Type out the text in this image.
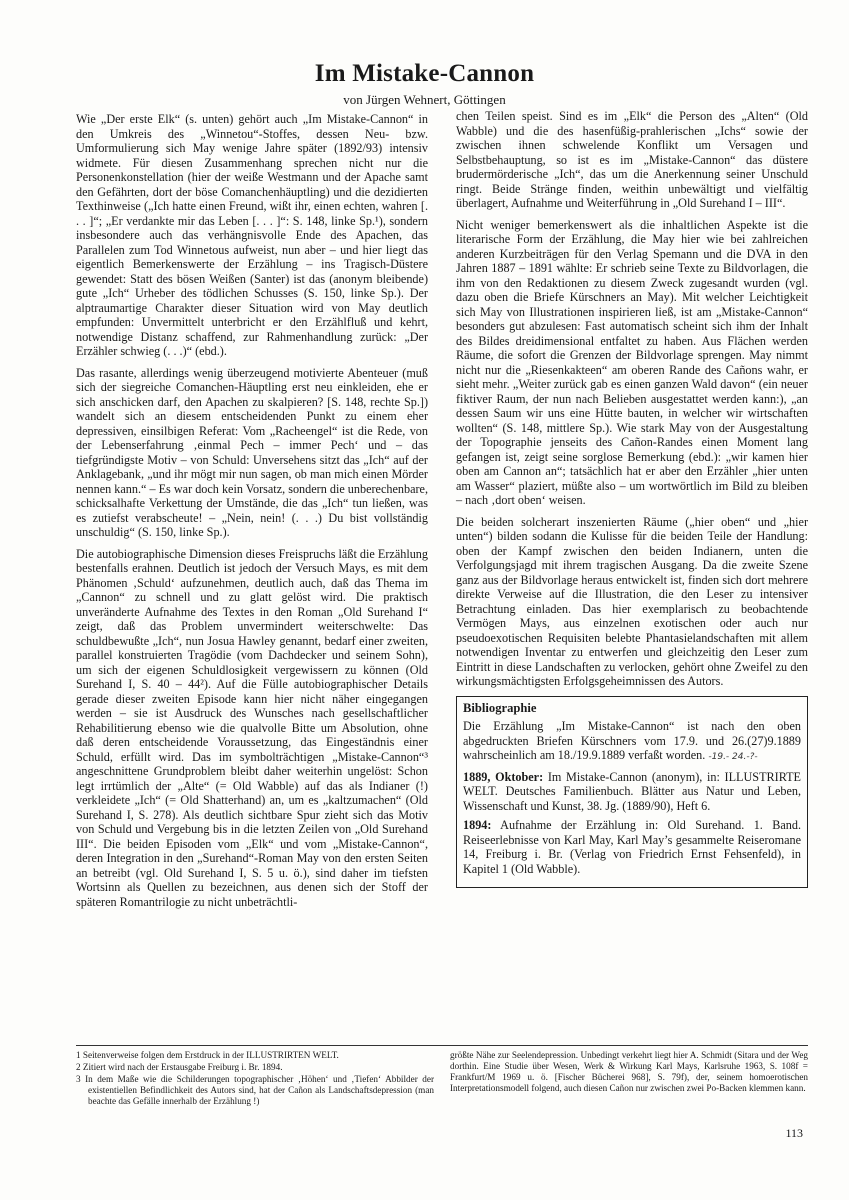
Im Mistake-Cannon
von Jürgen Wehnert, Göttingen

Wie „Der erste Elk“ (s. unten) gehört auch „Im Mistake-Cannon“ in den Umkreis des „Winnetou“-Stoffes, dessen Neu- bzw. Umformulierung sich May wenige Jahre später (1892/93) intensiv widmete. Für diesen Zusammenhang sprechen nicht nur die Personenkonstellation (hier der weiße Westmann und der Apache samt den Gefährten, dort der böse Comanchenhäuptling) und die dezidierten Texthinweise („Ich hatte einen Freund, wißt ihr, einen echten, wahren [. . . ]“; „Er verdankte mir das Leben [. . . ]“: S. 148, linke Sp.¹), sondern insbesondere auch das verhängnisvolle Ende des Apachen, das Parallelen zum Tod Winnetous aufweist, nun aber – und hier liegt das eigentlich Bemerkenswerte der Erzählung – ins Tragisch-Düstere gewendet: Statt des bösen Weißen (Santer) ist das (anonym bleibende) gute „Ich“ Urheber des tödlichen Schusses (S. 150, linke Sp.). Der alptraumartige Charakter dieser Situation wird von May deutlich empfunden: Unvermittelt unterbricht er den Erzählfluß und kehrt, notwendige Distanz schaffend, zur Rahmenhandlung zurück: „Der Erzähler schwieg (. . .)“ (ebd.).

Das rasante, allerdings wenig überzeugend motivierte Abenteuer (muß sich der siegreiche Comanchen-Häuptling erst neu einkleiden, ehe er sich anschicken darf, den Apachen zu skalpieren? [S. 148, rechte Sp.]) wandelt sich an diesem entscheidenden Punkt zu einem eher depressiven, einsilbigen Referat: Vom „Racheengel“ ist die Rede, von der Lebenserfahrung ‚einmal Pech – immer Pech‘ und – das tiefgründigste Motiv – von Schuld: Unversehens sitzt das „Ich“ auf der Anklagebank, „und ihr mögt mir nun sagen, ob man mich einen Mörder nennen kann.“ – Es war doch kein Vorsatz, sondern die unberechenbare, schicksalhafte Verkettung der Umstände, die das „Ich“ tun ließen, was es zutiefst verabscheute! – „Nein, nein! (. . .) Du bist vollständig unschuldig“ (S. 150, linke Sp.).

Die autobiographische Dimension dieses Freispruchs läßt die Erzählung bestenfalls erahnen. Deutlich ist jedoch der Versuch Mays, es mit dem Phänomen ‚Schuld‘ aufzunehmen, deutlich auch, daß das Thema im „Cannon“ zu schnell und zu glatt gelöst wird. Die praktisch unveränderte Aufnahme des Textes in den Roman „Old Surehand I“ zeigt, daß das Problem unvermindert weiterschwelte: Das schuldbewußte „Ich“, nun Josua Hawley genannt, bedarf einer zweiten, parallel konstruierten Tragödie (vom Dachdecker und seinem Sohn), um sich der eigenen Schuldlosigkeit vergewissern zu können (Old Surehand I, S. 40 – 44²). Auf die Fülle autobiographischer Details gerade dieser zweiten Episode kann hier nicht näher eingegangen werden – sie ist Ausdruck des Wunsches nach gesellschaftlicher Rehabilitierung ebenso wie die qualvolle Bitte um Absolution, ohne daß deren entscheidende Voraussetzung, das Eingeständnis einer Schuld, erfüllt wird. Das im symbolträchtigen „Mistake-Cannon“³ angeschnittene Grundproblem bleibt daher weiterhin ungelöst: Schon legt irrtümlich der „Alte“ (= Old Wabble) auf das als Indianer (!) verkleidete „Ich“ (= Old Shatterhand) an, um es „kaltzumachen“ (Old Surehand I, S. 278). Als deutlich sichtbare Spur zieht sich das Motiv von Schuld und Vergebung bis in die letzten Zeilen von „Old Surehand III“. Die beiden Episoden vom „Elk“ und vom „Mistake-Cannon“, deren Integration in den „Surehand“-Roman May von den ersten Seiten an betreibt (vgl. Old Surehand I, S. 5 u. ö.), sind daher im tiefsten Wortsinn als Quellen zu bezeichnen, aus denen sich der Stoff der späteren Romantrilogie zu nicht unbeträchtli-

chen Teilen speist. Sind es im „Elk“ die Person des „Alten“ (Old Wabble) und die des hasenfüßig-prahlerischen „Ichs“ sowie der zwischen ihnen schwelende Konflikt um Versagen und Selbstbehauptung, so ist es im „Mistake-Cannon“ das düstere brudermörderische „Ich“, das um die Anerkennung seiner Unschuld ringt. Beide Stränge finden, weithin unbewältigt und vielfältig überlagert, Aufnahme und Weiterführung in „Old Surehand I – III“.

Nicht weniger bemerkenswert als die inhaltlichen Aspekte ist die literarische Form der Erzählung, die May hier wie bei zahlreichen anderen Kurzbeiträgen für den Verlag Spemann und die DVA in den Jahren 1887 – 1891 wählte: Er schrieb seine Texte zu Bildvorlagen, die ihm von den Redaktionen zu diesem Zweck zugesandt wurden (vgl. dazu oben die Briefe Kürschners an May). Mit welcher Leichtigkeit sich May von Illustrationen inspirieren ließ, ist am „Mistake-Cannon“ besonders gut abzulesen: Fast automatisch scheint sich ihm der Inhalt des Bildes dreidimensional entfaltet zu haben. Aus Flächen werden Räume, die sofort die Grenzen der Bildvorlage sprengen. May nimmt nicht nur die „Riesenkakteen“ am oberen Rande des Cañons wahr, er sieht mehr. „Weiter zurück gab es einen ganzen Wald davon“ (ein neuer fiktiver Raum, der nun nach Belieben ausgestattet werden kann:), „an dessen Saum wir uns eine Hütte bauten, in welcher wir wirtschaften wollten“ (S. 148, mittlere Sp.). Wie stark May von der Ausgestaltung der Topographie jenseits des Cañon-Randes einen Moment lang gefangen ist, zeigt seine sorglose Bemerkung (ebd.): „wir kamen hier oben am Cannon an“; tatsächlich hat er aber den Erzähler „hier unten am Wasser“ plaziert, müßte also – um wortwörtlich im Bild zu bleiben – nach ‚dort oben‘ weisen.

Die beiden solcherart inszenierten Räume („hier oben“ und „hier unten“) bilden sodann die Kulisse für die beiden Teile der Handlung: oben der Kampf zwischen den beiden Indianern, unten die Verfolgungsjagd mit ihrem tragischen Ausgang. Da die zweite Szene ganz aus der Bildvorlage heraus entwickelt ist, finden sich dort mehrere direkte Verweise auf die Illustration, die den Leser zu intensiver Betrachtung einladen. Das hier exemplarisch zu beobachtende Vermögen Mays, aus einzelnen exotischen oder auch nur pseudoexotischen Requisiten belebte Phantasielandschaften mit allem notwendigen Inventar zu entwerfen und gleichzeitig den Leser zum Eintritt in diese Landschaften zu verlocken, gehört ohne Zweifel zu den wirkungsmächtigsten Erfolgsgeheimnissen des Autors.

Bibliographie

Die Erzählung „Im Mistake-Cannon“ ist nach den oben abgedruckten Briefen Kürschners vom 17.9. und 26.(27)9.1889 wahrscheinlich am 18./19.9.1889 verfaßt worden. -19.- 24.-?-

1889, Oktober: Im Mistake-Cannon (anonym), in: ILLUSTRIRTE WELT. Deutsches Familienbuch. Blätter aus Natur und Leben, Wissenschaft und Kunst, 38. Jg. (1889/90), Heft 6.

1894: Aufnahme der Erzählung in: Old Surehand. 1. Band. Reiseerlebnisse von Karl May, Karl May’s gesammelte Reiseromane 14, Freiburg i. Br. (Verlag von Friedrich Ernst Fehsenfeld), in Kapitel 1 (Old Wabble).

1 Seitenverweise folgen dem Erstdruck in der ILLUSTRIRTEN WELT.
2 Zitiert wird nach der Erstausgabe Freiburg i. Br. 1894.
3 In dem Maße wie die Schilderungen topographischer ‚Höhen‘ und ‚Tiefen‘ Abbilder der existentiellen Befindlichkeit des Autors sind, hat der Cañon als Landschaftsdepression (man beachte das Gefälle innerhalb der Erzählung !)
größte Nähe zur Seelendepression. Unbedingt verkehrt liegt hier A. Schmidt (Sitara und der Weg dorthin. Eine Studie über Wesen, Werk & Wirkung Karl Mays, Karlsruhe 1963, S. 108f = Frankfurt/M 1969 u. ö. [Fischer Bücherei 968], S. 79f), der, seinem homoerotischen Interpretationsmodell folgend, auch diesen Cañon nur zwischen zwei Po-Backen klemmen kann.
113
